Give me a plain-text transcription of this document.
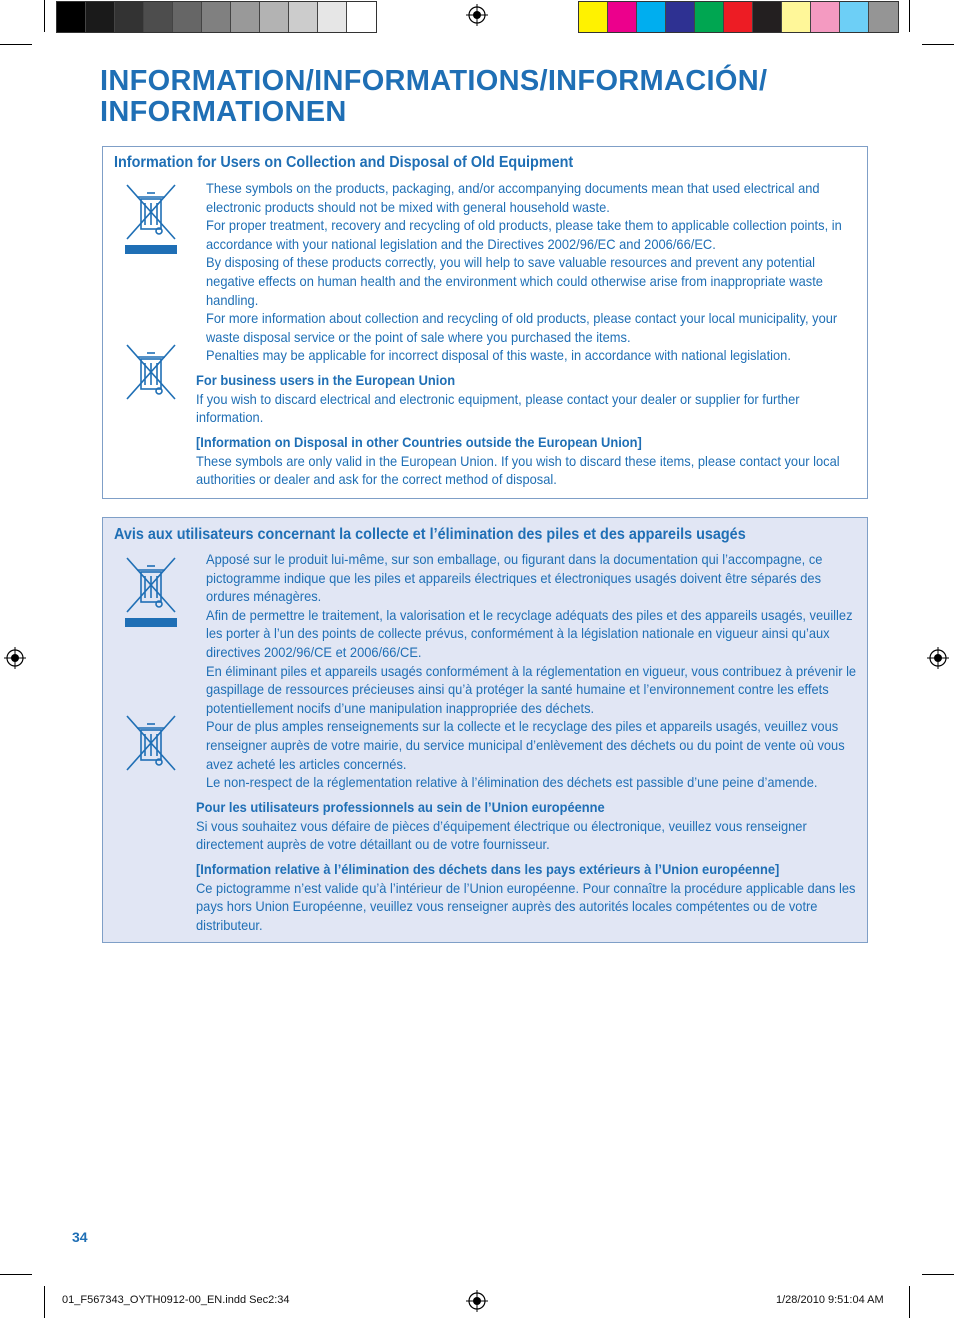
INFORMATION/INFORMATIONS/INFORMACIÓN/
INFORMATIONEN
Information for Users on Collection and Disposal of Old Equipment

These symbols on the products, packaging, and/or accompanying documents mean that used electrical and electronic products should not be mixed with general household waste.

For proper treatment, recovery and recycling of old products, please take them to applicable collection points, in accordance with your national legislation and the Directives 2002/96/EC and 2006/66/EC.

By disposing of these products correctly, you will help to save valuable resources and prevent any potential negative effects on human health and the environment which could otherwise arise from inappropriate waste handling.

For more information about collection and recycling of old products, please contact your local municipality, your waste disposal service or the point of sale where you purchased the items.

Penalties may be applicable for incorrect disposal of this waste, in accordance with national legislation.

For business users in the European Union

If you wish to discard electrical and electronic equipment, please contact your dealer or supplier for further information.

[Information on Disposal in other Countries outside the European Union]

These symbols are only valid in the European Union. If you wish to discard these items, please contact your local authorities or dealer and ask for the correct method of disposal.

Avis aux utilisateurs concernant la collecte et l’élimination des piles et des appareils usagés

Apposé sur le produit lui-même, sur son emballage, ou figurant dans la documentation qui l’accompagne, ce pictogramme indique que les piles et appareils électriques et électroniques usagés doivent être séparés des ordures ménagères.

Afin de permettre le traitement, la valorisation et le recyclage adéquats des piles et des appareils usagés, veuillez les porter à l’un des points de collecte prévus, conformément à la législation nationale en vigueur ainsi qu’aux directives 2002/96/CE et 2006/66/CE.

En éliminant piles et appareils usagés conformément à la réglementation en vigueur, vous contribuez à prévenir le gaspillage de ressources précieuses ainsi qu’à protéger la santé humaine et l’environnement contre les effets potentiellement nocifs d’une manipulation inappropriée des déchets.

Pour de plus amples renseignements sur la collecte et le recyclage des piles et appareils usagés, veuillez vous renseigner auprès de votre mairie, du service municipal d’enlèvement des déchets ou du point de vente où vous avez acheté les articles concernés.

Le non-respect de la réglementation relative à l’élimination des déchets est passible d’une peine d’amende.

Pour les utilisateurs professionnels au sein de l’Union européenne

Si vous souhaitez vous défaire de pièces d’équipement électrique ou électronique, veuillez vous renseigner directement auprès de votre détaillant ou de votre fournisseur.

[Information relative à l’élimination des déchets dans les pays extérieurs à l’Union européenne]

Ce pictogramme n’est valide qu’à l’intérieur de l’Union européenne. Pour connaître la procédure applicable dans les pays hors Union Européenne, veuillez vous renseigner auprès des autorités locales compétentes ou de votre distributeur.

34
01_F567343_OYTH0912-00_EN.indd Sec2:34	1/28/2010 9:51:04 AM
